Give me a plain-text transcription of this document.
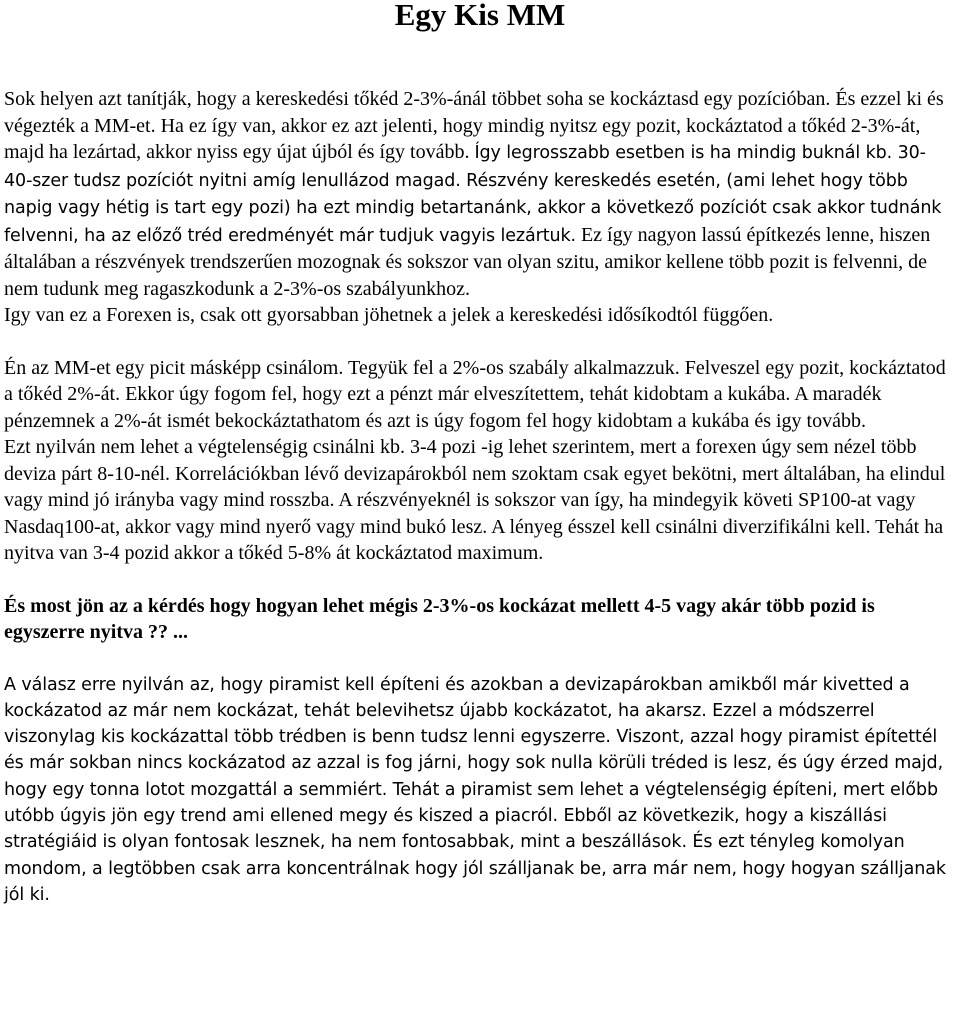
Egy Kis MM

Sok helyen azt tanítják, hogy a kereskedési tőkéd 2-3%-ánál többet soha se kockáztasd egy pozícióban. És ezzel ki és végezték a MM-et. Ha ez így van, akkor ez azt jelenti, hogy mindig nyitsz egy pozit, kockáztatod a tőkéd 2-3%-át, majd ha lezártad, akkor nyiss egy újat újból és így tovább. Így legrosszabb esetben is ha mindig buknál kb. 30-40-szer tudsz pozíciót nyitni amíg lenullázod magad. Részvény kereskedés esetén, (ami lehet hogy több napig vagy hétig is tart egy pozi) ha ezt mindig betartanánk, akkor a következő pozíciót csak akkor tudnánk felvenni, ha az előző tréd eredményét már tudjuk vagyis lezártuk. Ez így nagyon lassú építkezés lenne, hiszen általában a részvények trendszerűen mozognak és sokszor van olyan szitu, amikor kellene több pozit is felvenni, de nem tudunk meg ragaszkodunk a 2-3%-os szabályunkhoz.

Igy van ez a Forexen is, csak ott gyorsabban jöhetnek a jelek a kereskedési idősíkodtól függően.

Én az MM-et egy picit másképp csinálom. Tegyük fel a 2%-os szabály alkalmazzuk. Felveszel egy pozit, kockáztatod a tőkéd 2%-át. Ekkor úgy fogom fel, hogy ezt a pénzt már elveszítettem, tehát kidobtam a kukába. A maradék pénzemnek a 2%-át ismét bekockáztathatom és azt is úgy fogom fel hogy kidobtam a kukába és igy tovább.

Ezt nyilván nem lehet a végtelenségig csinálni kb. 3-4 pozi -ig lehet szerintem, mert a forexen úgy sem nézel több deviza párt 8-10-nél. Korrelációkban lévő devizapárokból nem szoktam csak egyet bekötni, mert általában, ha elindul vagy mind jó irányba vagy mind rosszba. A részvényeknél is sokszor van így, ha mindegyik követi SP100-at vagy Nasdaq100-at, akkor vagy mind nyerő vagy mind bukó lesz. A lényeg ésszel kell csinálni diverzifikálni kell. Tehát ha nyitva van 3-4 pozid akkor a tőkéd 5-8% át kockáztatod maximum.

És most jön az a kérdés hogy hogyan lehet mégis 2-3%-os kockázat mellett 4-5 vagy akár több pozid is egyszerre nyitva ?? ...

A válasz erre nyilván az, hogy piramist kell építeni és azokban a devizapárokban amikből már kivetted a kockázatod az már nem kockázat, tehát belevihetsz újabb kockázatot, ha akarsz. Ezzel a módszerrel viszonylag kis kockázattal több trédben is benn tudsz lenni egyszerre. Viszont, azzal hogy piramist építettél és már sokban nincs kockázatod az azzal is fog járni, hogy sok nulla körüli tréded is lesz, és úgy érzed majd, hogy egy tonna lotot mozgattál a semmiért. Tehát a piramist sem lehet a végtelenségig építeni, mert előbb utóbb úgyis jön egy trend ami ellened megy és kiszed a piacról. Ebből az következik, hogy a kiszállási stratégiáid is olyan fontosak lesznek, ha nem fontosabbak, mint a beszállások. És ezt tényleg komolyan mondom, a legtöbben csak arra koncentrálnak hogy jól szálljanak be, arra már nem, hogy hogyan szálljanak jól ki.
